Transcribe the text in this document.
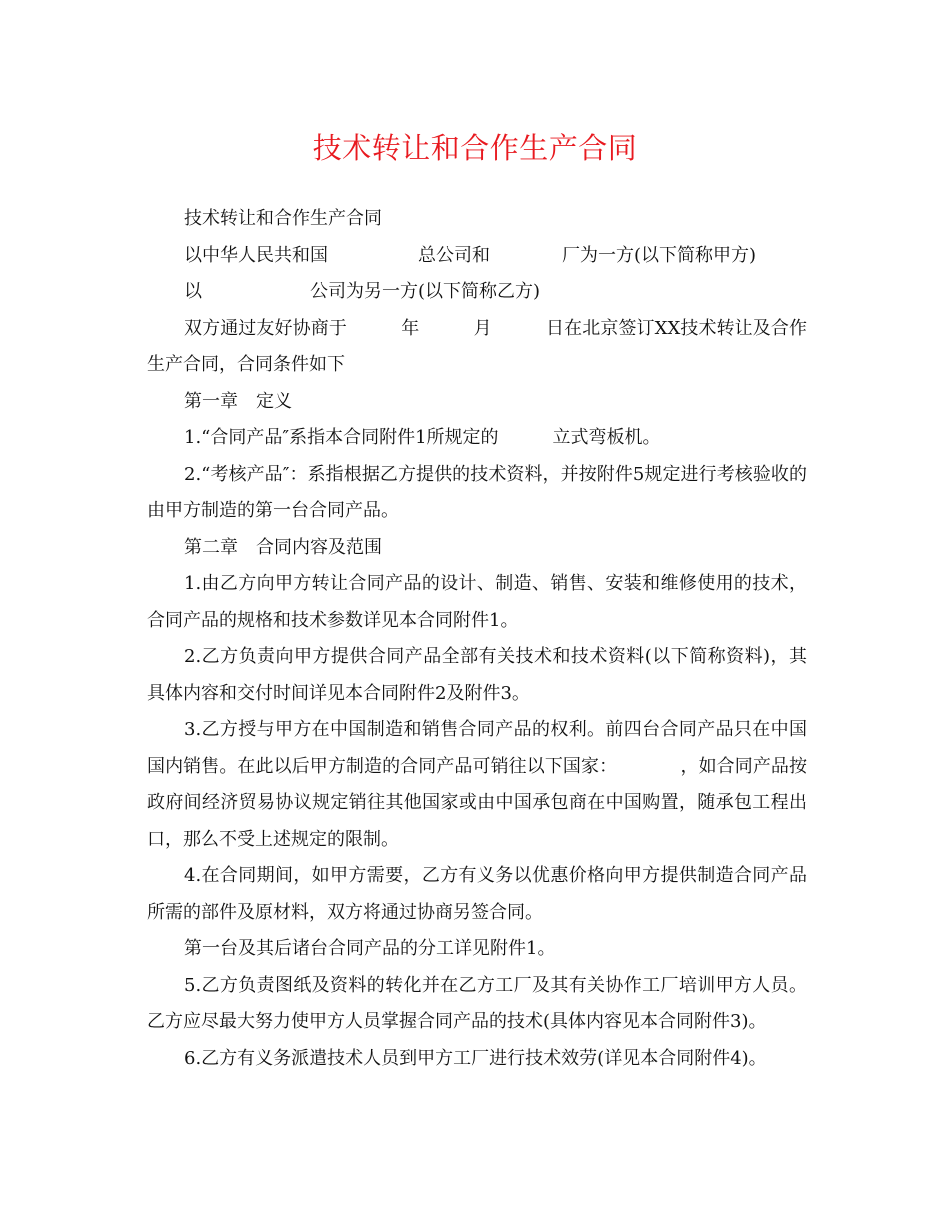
技术转让和合作生产合同

技术转让和合作生产合同

以中华人民共和国　　　　　总公司和　　　　厂为一方(以下简称甲方)

以　　　　　　公司为另一方(以下简称乙方)

双方通过友好协商于　　　年　　　月　　　日在北京签订XX技术转让及合作生产合同，合同条件如下

第一章　定义

1.“合同产品″系指本合同附件1所规定的　　　立式弯板机。

2.“考核产品″：系指根据乙方提供的技术资料，并按附件5规定进行考核验收的由甲方制造的第一台合同产品。

第二章　合同内容及范围

1.由乙方向甲方转让合同产品的设计、制造、销售、安装和维修使用的技术，合同产品的规格和技术参数详见本合同附件1。

2.乙方负责向甲方提供合同产品全部有关技术和技术资料(以下简称资料)，其具体内容和交付时间详见本合同附件2及附件3。

3.乙方授与甲方在中国制造和销售合同产品的权利。前四台合同产品只在中国国内销售。在此以后甲方制造的合同产品可销往以下国家：　　　　，如合同产品按政府间经济贸易协议规定销往其他国家或由中国承包商在中国购置，随承包工程出口，那么不受上述规定的限制。

4.在合同期间，如甲方需要，乙方有义务以优惠价格向甲方提供制造合同产品所需的部件及原材料，双方将通过协商另签合同。

第一台及其后诸台合同产品的分工详见附件1。

5.乙方负责图纸及资料的转化并在乙方工厂及其有关协作工厂培训甲方人员。乙方应尽最大努力使甲方人员掌握合同产品的技术(具体内容见本合同附件3)。

6.乙方有义务派遣技术人员到甲方工厂进行技术效劳(详见本合同附件4)。
